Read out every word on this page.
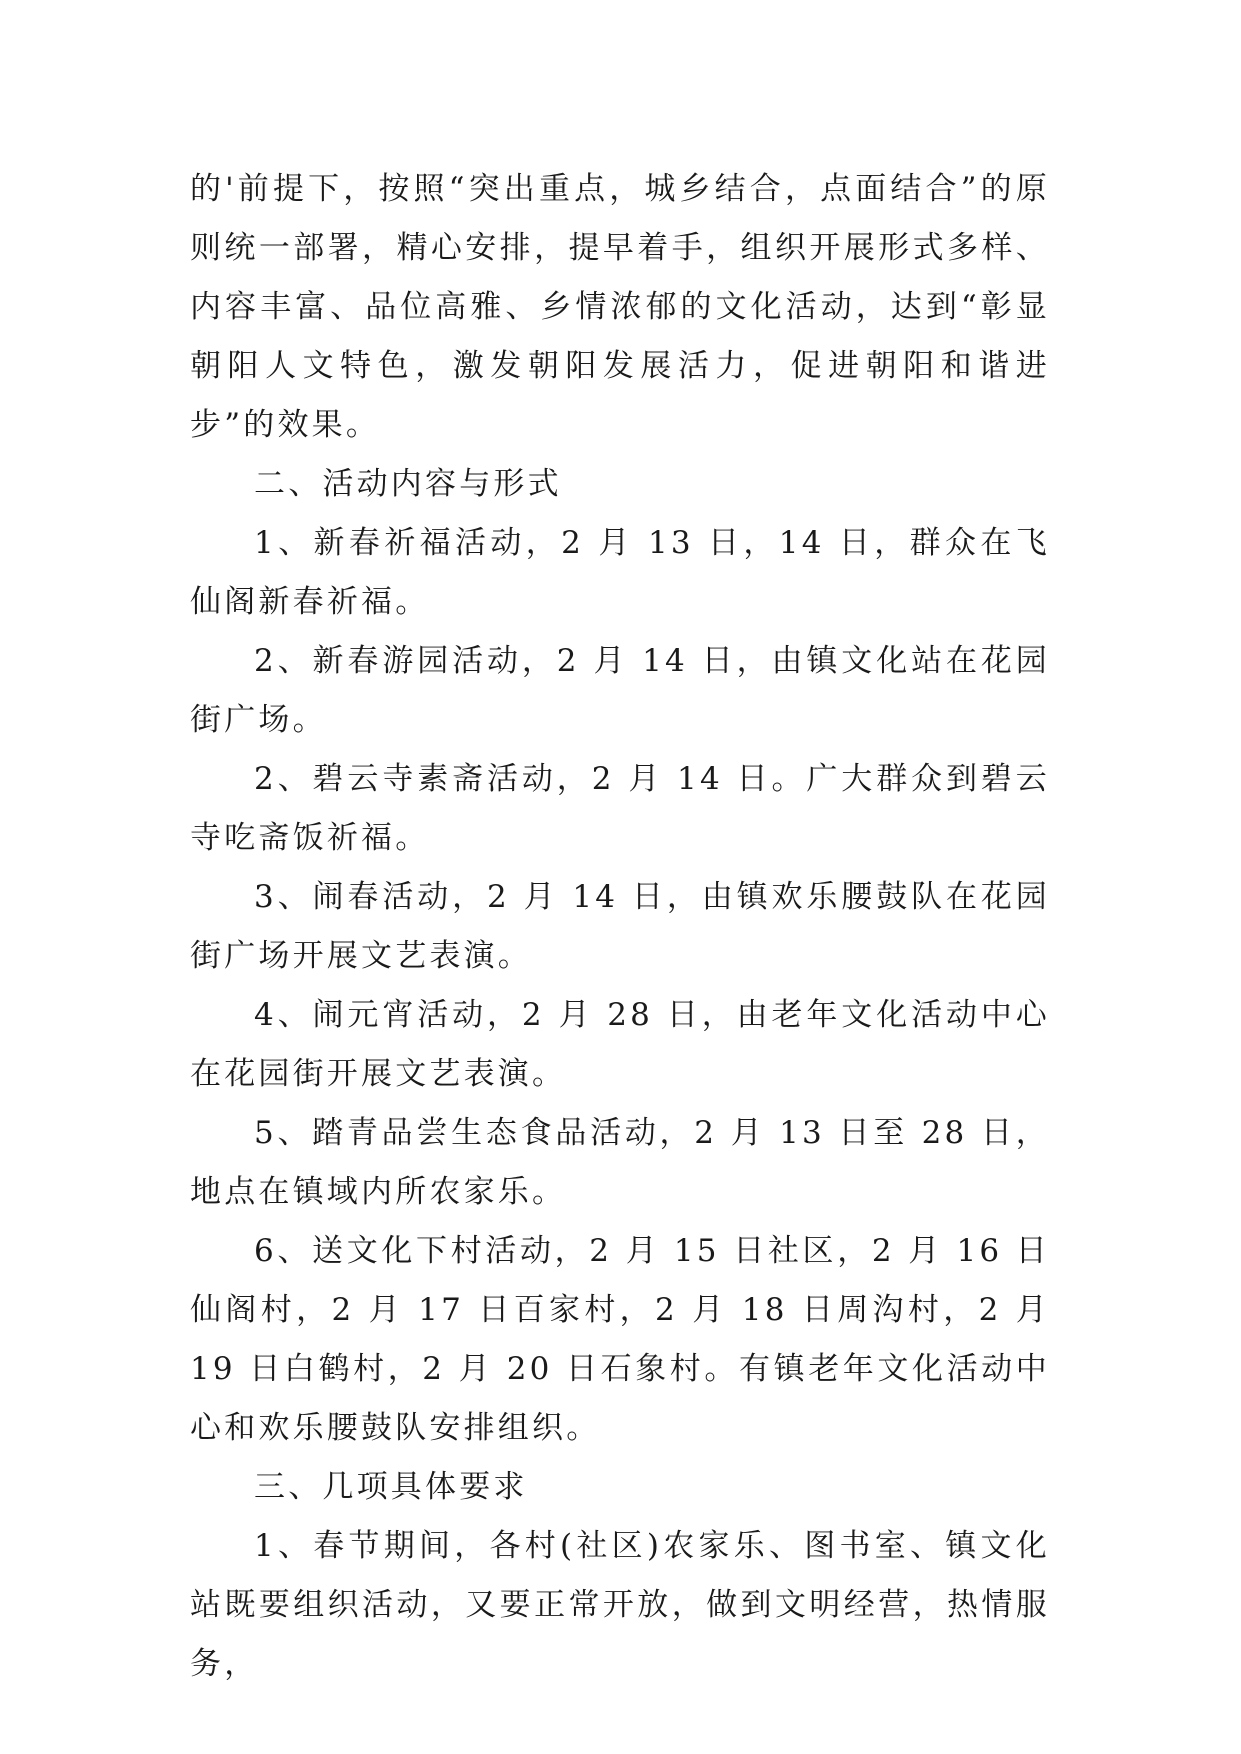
的'前提下，按照“突出重点，城乡结合，点面结合”的原则统一部署，精心安排，提早着手，组织开展形式多样、内容丰富、品位高雅、乡情浓郁的文化活动，达到“彰显朝阳人文特色，激发朝阳发展活力，促进朝阳和谐进步”的效果。

二、活动内容与形式

1、新春祈福活动，2 月 13 日，14 日，群众在飞仙阁新春祈福。

2、新春游园活动，2 月 14 日，由镇文化站在花园街广场。

2、碧云寺素斋活动，2 月 14 日。广大群众到碧云寺吃斋饭祈福。

3、闹春活动，2 月 14 日，由镇欢乐腰鼓队在花园街广场开展文艺表演。

4、闹元宵活动，2 月 28 日，由老年文化活动中心在花园街开展文艺表演。

5、踏青品尝生态食品活动，2 月 13 日至 28 日，地点在镇域内所农家乐。

6、送文化下村活动，2 月 15 日社区，2 月 16 日仙阁村，2 月 17 日百家村，2 月 18 日周沟村，2 月 19 日白鹤村，2 月 20 日石象村。有镇老年文化活动中心和欢乐腰鼓队安排组织。

三、几项具体要求

1、春节期间，各村(社区)农家乐、图书室、镇文化站既要组织活动，又要正常开放，做到文明经营，热情服务，
